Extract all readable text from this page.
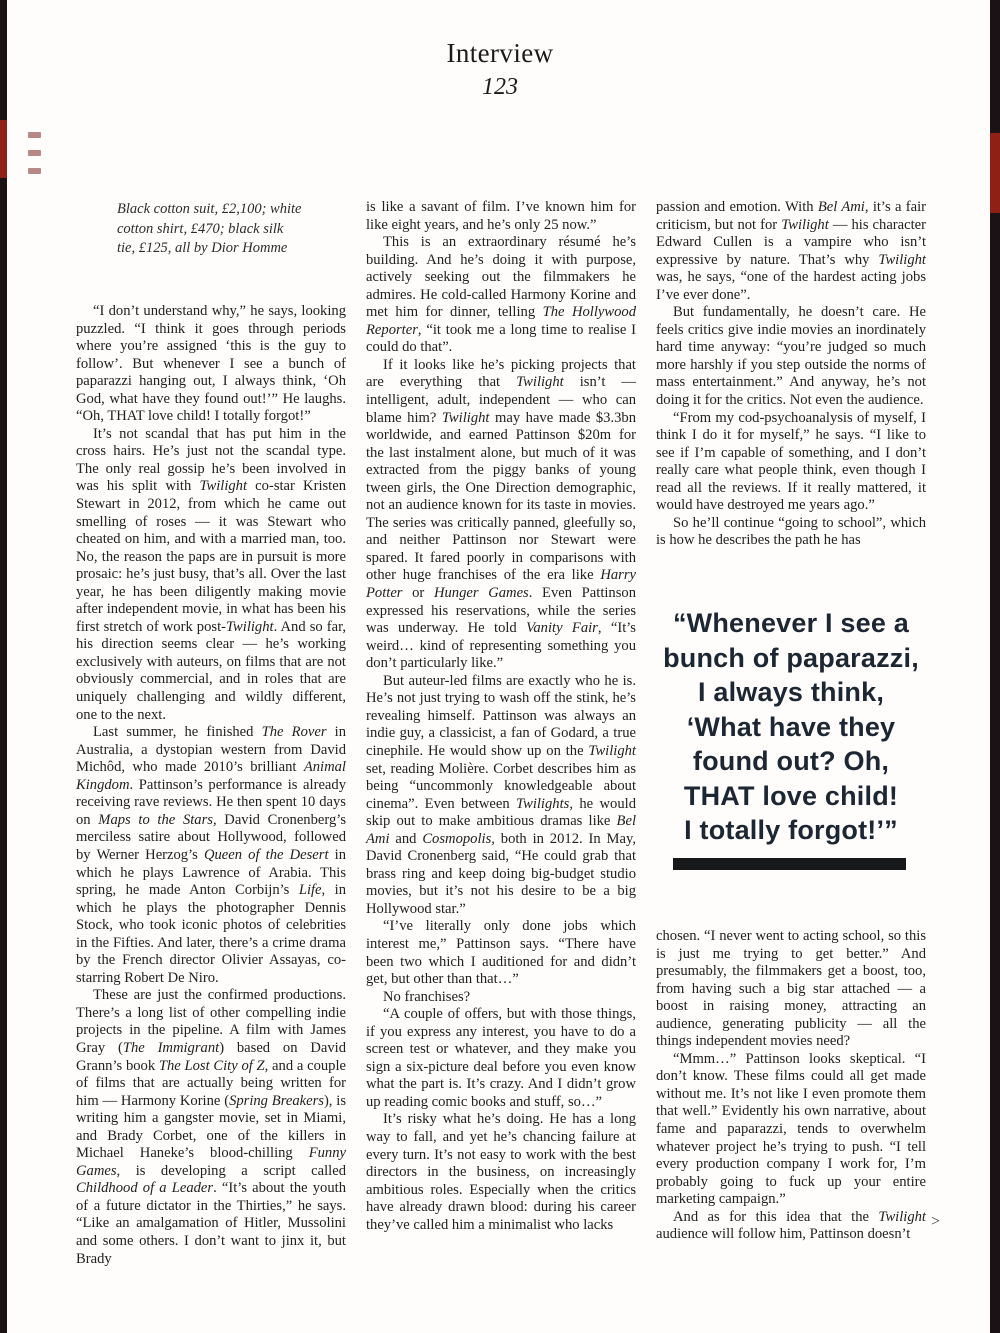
Interview
123
Black cotton suit, £2,100; white
cotton shirt, £470; black silk
tie, £125, all by Dior Homme

“I don’t understand why,” he says, looking puzzled. “I think it goes through periods where you’re assigned ‘this is the guy to follow’. But whenever I see a bunch of paparazzi hanging out, I always think, ‘Oh God, what have they found out!’” He laughs. “Oh, THAT love child! I totally forgot!”

It’s not scandal that has put him in the cross hairs. He’s just not the scandal type. The only real gossip he’s been involved in was his split with Twilight co-star Kristen Stewart in 2012, from which he came out smelling of roses — it was Stewart who cheated on him, and with a married man, too. No, the reason the paps are in pursuit is more prosaic: he’s just busy, that’s all. Over the last year, he has been diligently making movie after independent movie, in what has been his first stretch of work post-Twilight. And so far, his direction seems clear — he’s working exclusively with auteurs, on films that are not obviously commercial, and in roles that are uniquely challenging and wildly different, one to the next.

Last summer, he finished The Rover in Australia, a dystopian western from David Michôd, who made 2010’s brilliant Animal Kingdom. Pattinson’s performance is already receiving rave reviews. He then spent 10 days on Maps to the Stars, David Cronenberg’s merciless satire about Hollywood, followed by Werner Herzog’s Queen of the Desert in which he plays Lawrence of Arabia. This spring, he made Anton Corbijn’s Life, in which he plays the photographer Dennis Stock, who took iconic photos of celebrities in the Fifties. And later, there’s a crime drama by the French director Olivier Assayas, co-starring Robert De Niro.

These are just the confirmed productions. There’s a long list of other compelling indie projects in the pipeline. A film with James Gray (The Immigrant) based on David Grann’s book The Lost City of Z, and a couple of films that are actually being written for him — Harmony Korine (Spring Breakers), is writing him a gangster movie, set in Miami, and Brady Corbet, one of the killers in Michael Haneke’s blood-chilling Funny Games, is developing a script called Childhood of a Leader. “It’s about the youth of a future dictator in the Thirties,” he says. “Like an amalgamation of Hitler, Mussolini and some others. I don’t want to jinx it, but Brady

is like a savant of film. I’ve known him for like eight years, and he’s only 25 now.”

This is an extraordinary résumé he’s building. And he’s doing it with purpose, actively seeking out the filmmakers he admires. He cold-called Harmony Korine and met him for dinner, telling The Hollywood Reporter, “it took me a long time to realise I could do that”.

If it looks like he’s picking projects that are everything that Twilight isn’t — intelligent, adult, independent — who can blame him? Twilight may have made $3.3bn worldwide, and earned Pattinson $20m for the last instalment alone, but much of it was extracted from the piggy banks of young tween girls, the One Direction demographic, not an audience known for its taste in movies. The series was critically panned, gleefully so, and neither Pattinson nor Stewart were spared. It fared poorly in comparisons with other huge franchises of the era like Harry Potter or Hunger Games. Even Pattinson expressed his reservations, while the series was underway. He told Vanity Fair, “It’s weird… kind of representing something you don’t particularly like.”

But auteur-led films are exactly who he is. He’s not just trying to wash off the stink, he’s revealing himself. Pattinson was always an indie guy, a classicist, a fan of Godard, a true cinephile. He would show up on the Twilight set, reading Molière. Corbet describes him as being “uncommonly knowledgeable about cinema”. Even between Twilights, he would skip out to make ambitious dramas like Bel Ami and Cosmopolis, both in 2012. In May, David Cronenberg said, “He could grab that brass ring and keep doing big-budget studio movies, but it’s not his desire to be a big Hollywood star.”

“I’ve literally only done jobs which interest me,” Pattinson says. “There have been two which I auditioned for and didn’t get, but other than that…”

No franchises?

“A couple of offers, but with those things, if you express any interest, you have to do a screen test or whatever, and they make you sign a six-picture deal before you even know what the part is. It’s crazy. And I didn’t grow up reading comic books and stuff, so…”

It’s risky what he’s doing. He has a long way to fall, and yet he’s chancing failure at every turn. It’s not easy to work with the best directors in the business, on increasingly ambitious roles. Especially when the critics have already drawn blood: during his career they’ve called him a minimalist who lacks

passion and emotion. With Bel Ami, it’s a fair criticism, but not for Twilight — his character Edward Cullen is a vampire who isn’t expressive by nature. That’s why Twilight was, he says, “one of the hardest acting jobs I’ve ever done”.

But fundamentally, he doesn’t care. He feels critics give indie movies an inordinately hard time anyway: “you’re judged so much more harshly if you step outside the norms of mass entertainment.” And anyway, he’s not doing it for the critics. Not even the audience.

“From my cod-psychoanalysis of myself, I think I do it for myself,” he says. “I like to see if I’m capable of something, and I don’t really care what people think, even though I read all the reviews. If it really mattered, it would have destroyed me years ago.”

So he’ll continue “going to school”, which is how he describes the path he has

“Whenever I see a
bunch of paparazzi,
I always think,
‘What have they
found out? Oh,
THAT love child!
I totally forgot!’”

chosen. “I never went to acting school, so this is just me trying to get better.” And presumably, the filmmakers get a boost, too, from having such a big star attached — a boost in raising money, attracting an audience, generating publicity — all the things independent movies need?

“Mmm…” Pattinson looks skeptical. “I don’t know. These films could all get made without me. It’s not like I even promote them that well.” Evidently his own narrative, about fame and paparazzi, tends to overwhelm whatever project he’s trying to push. “I tell every production company I work for, I’m probably going to fuck up your entire marketing campaign.”

And as for this idea that the Twilight audience will follow him, Pattinson doesn’t

>
